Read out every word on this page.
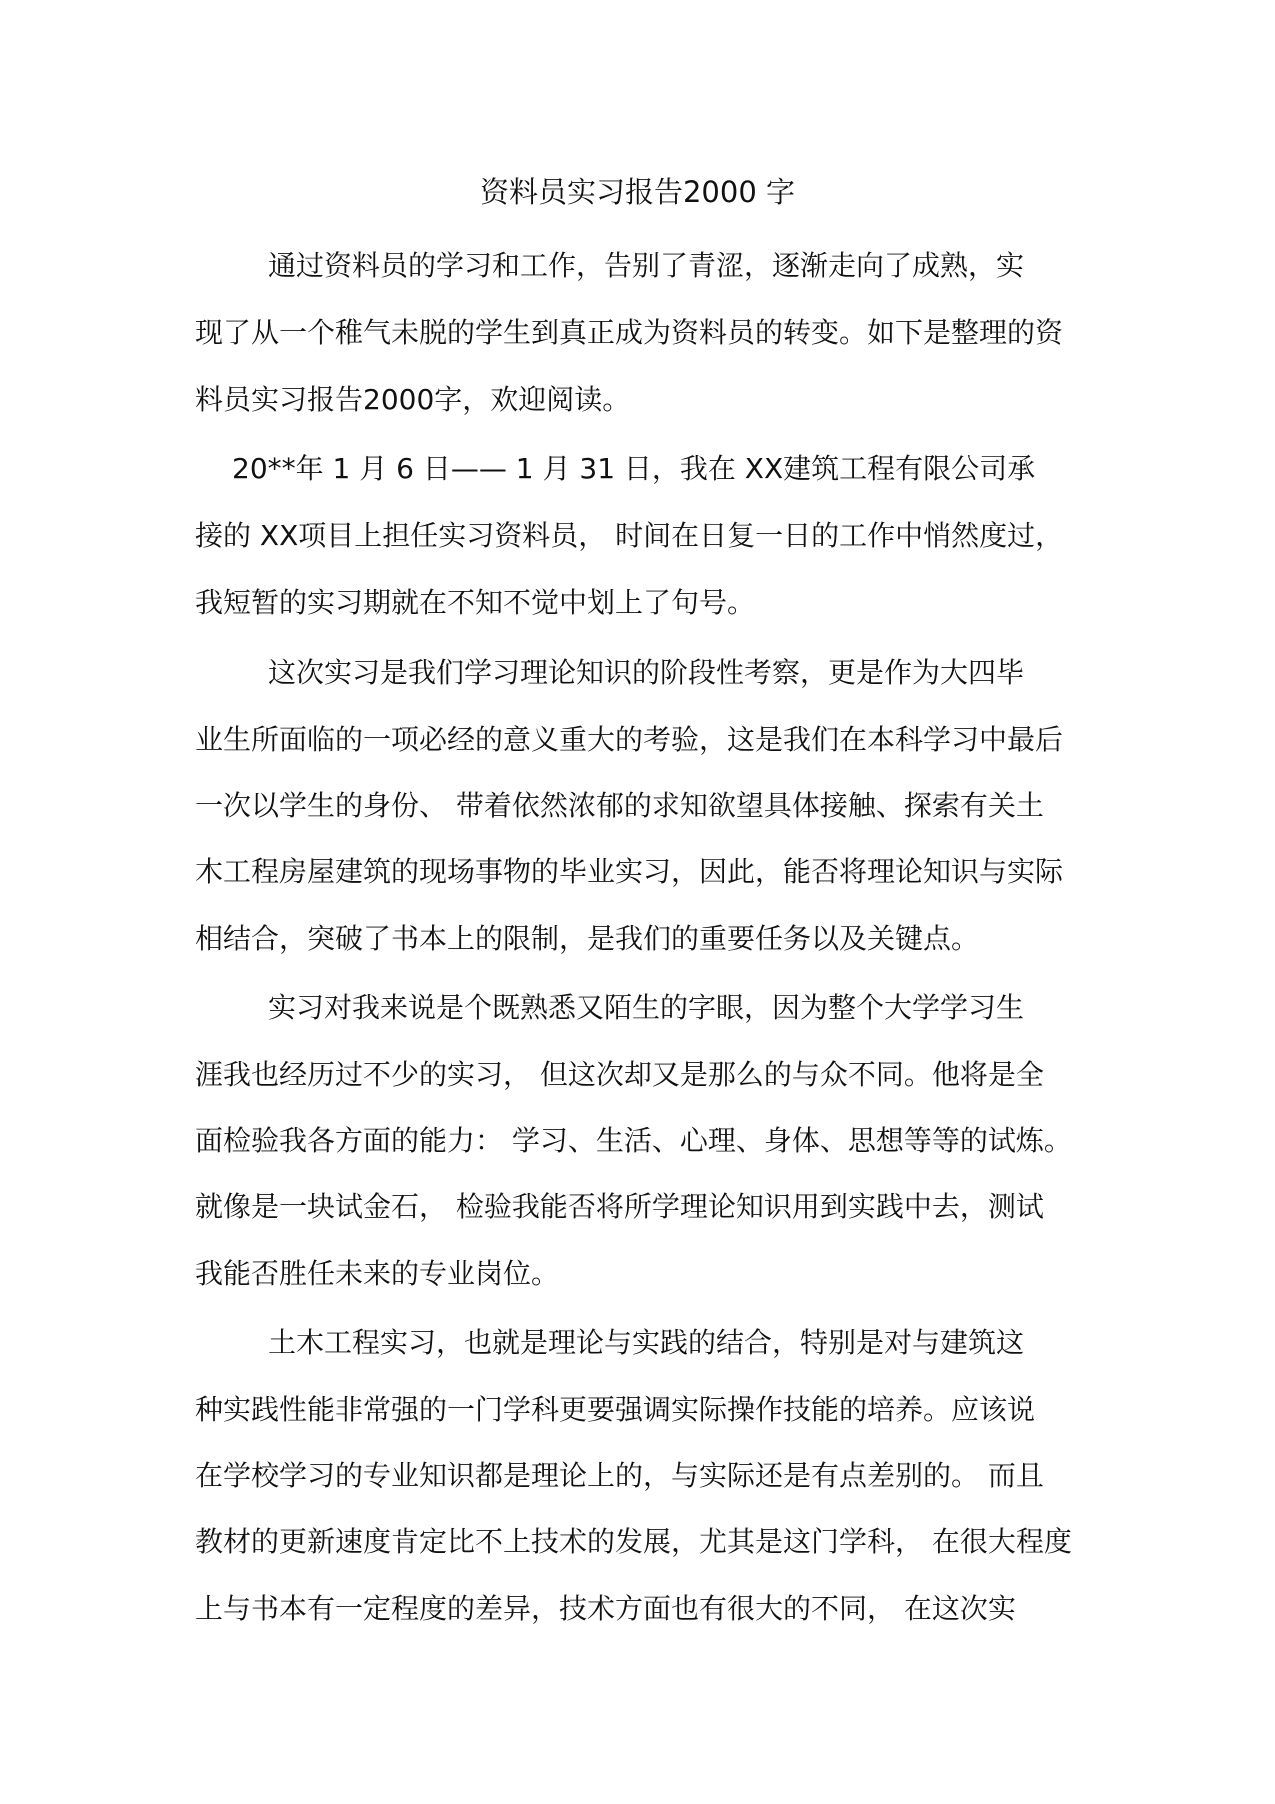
资料员实习报告2000 字
通过资料员的学习和工作，告别了青涩，逐渐走向了成熟，实
现了从一个稚气未脱的学生到真正成为资料员的转变。如下是整理的资
料员实习报告2000字，欢迎阅读。
20**年 1 月 6 日—— 1 月 31 日，我在 XX建筑工程有限公司承
接的 XX项目上担任实习资料员， 时间在日复一日的工作中悄然度过，
我短暂的实习期就在不知不觉中划上了句号。
这次实习是我们学习理论知识的阶段性考察，更是作为大四毕
业生所面临的一项必经的意义重大的考验，这是我们在本科学习中最后
一次以学生的身份、 带着依然浓郁的求知欲望具体接触、探索有关土
木工程房屋建筑的现场事物的毕业实习，因此，能否将理论知识与实际
相结合，突破了书本上的限制，是我们的重要任务以及关键点。
实习对我来说是个既熟悉又陌生的字眼，因为整个大学学习生
涯我也经历过不少的实习， 但这次却又是那么的与众不同。他将是全
面检验我各方面的能力： 学习、生活、心理、身体、思想等等的试炼。
就像是一块试金石， 检验我能否将所学理论知识用到实践中去，测试
我能否胜任未来的专业岗位。
土木工程实习，也就是理论与实践的结合，特别是对与建筑这
种实践性能非常强的一门学科更要强调实际操作技能的培养。应该说
在学校学习的专业知识都是理论上的，与实际还是有点差别的。 而且
教材的更新速度肯定比不上技术的发展，尤其是这门学科， 在很大程度
上与书本有一定程度的差异，技术方面也有很大的不同， 在这次实
